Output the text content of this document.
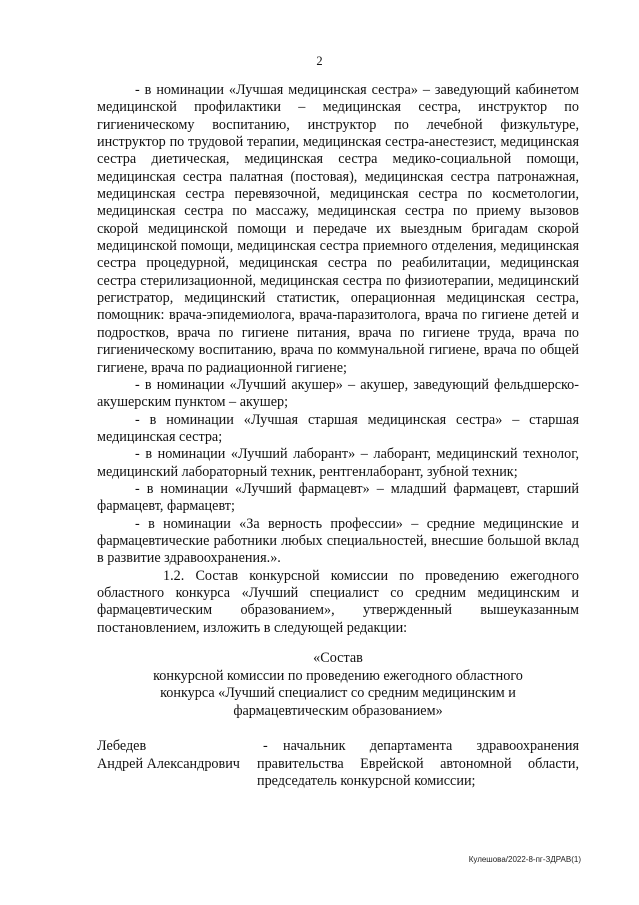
2

- в номинации «Лучшая медицинская сестра» – заведующий кабинетом медицинской профилактики – медицинская сестра, инструктор по гигиеническому воспитанию, инструктор по лечебной физкультуре, инструктор по трудовой терапии, медицинская сестра-анестезист, медицинская сестра диетическая, медицинская сестра медико-социальной помощи, медицинская сестра палатная (постовая), медицинская сестра патронажная, медицинская сестра перевязочной, медицинская сестра по косметологии, медицинская сестра по массажу, медицинская сестра по приему вызовов скорой медицинской помощи и передаче их выездным бригадам скорой медицинской помощи, медицинская сестра приемного отделения, медицинская сестра процедурной, медицинская сестра по реабилитации, медицинская сестра стерилизационной, медицинская сестра по физиотерапии, медицинский регистратор, медицинский статистик, операционная медицинская сестра, помощник: врача-эпидемиолога, врача-паразитолога, врача по гигиене детей и подростков, врача по гигиене питания, врача по гигиене труда, врача по гигиеническому воспитанию, врача по коммунальной гигиене, врача по общей гигиене, врача по радиационной гигиене;

- в номинации «Лучший акушер» – акушер, заведующий фельдшерско-акушерским пунктом – акушер;

- в номинации «Лучшая старшая медицинская сестра» – старшая медицинская сестра;

- в номинации «Лучший лаборант» – лаборант, медицинский технолог, медицинский лабораторный техник, рентгенлаборант, зубной техник;

- в номинации «Лучший фармацевт» – младший фармацевт, старший фармацевт, фармацевт;

- в номинации «За верность профессии» – средние медицинские и фармацевтические работники любых специальностей, внесшие большой вклад в развитие здравоохранения.».

1.2. Состав конкурсной комиссии по проведению ежегодного областного конкурса «Лучший специалист со средним медицинским и фармацевтическим образованием», утвержденный вышеуказанным постановлением, изложить в следующей редакции:

«Состав
конкурсной комиссии по проведению ежегодного областного
конкурса «Лучший специалист со средним медицинским и
фармацевтическим образованием»
Лебедев
Андрей Александрович
-	начальник департамента здравоохранения правительства Еврейской автономной области, председатель конкурсной комиссии;
Кулешова/2022-8-пг-ЗДРАВ(1)
